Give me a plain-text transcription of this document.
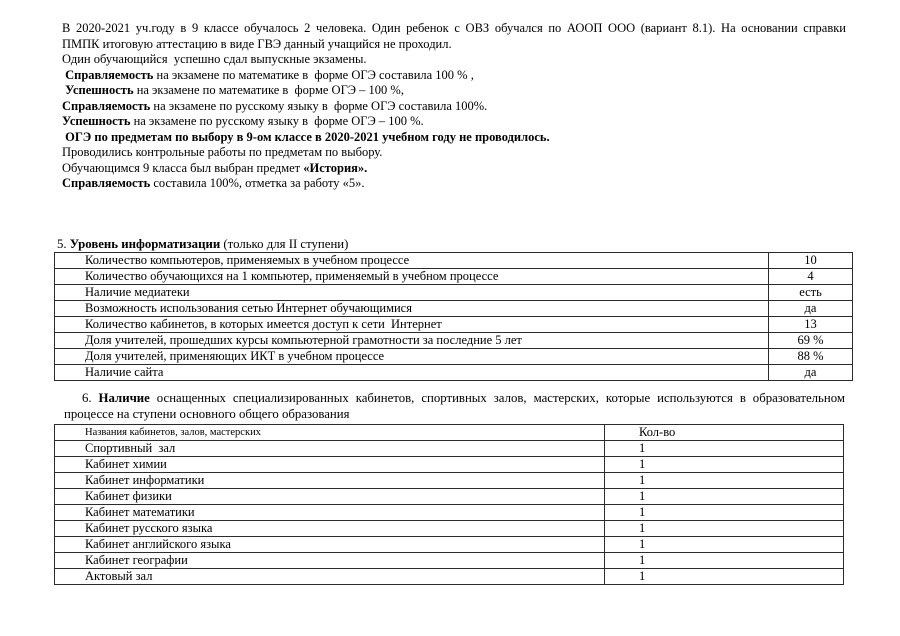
В 2020-2021 уч.году в 9 классе обучалось 2 человека. Один ребенок с ОВЗ обучался по АООП ООО (вариант 8.1). На основании справки
ПМПК итоговую аттестацию в виде ГВЭ данный учащийся не проходил.
Один обучающийся  успешно сдал выпускные экзамены.
Справляемость на экзамене по математике в  форме ОГЭ составила 100 % ,
Успешность на экзамене по математике в  форме ОГЭ – 100 %,
Справляемость на экзамене по русскому языку в  форме ОГЭ составила 100%.
Успешность на экзамене по русскому языку в  форме ОГЭ – 100 %.
ОГЭ по предметам по выбору в 9-ом классе в 2020-2021 учебном году не проводилось.
Проводились контрольные работы по предметам по выбору.
Обучающимся 9 класса был выбран предмет «История».
Справляемость составила 100%, отметка за работу «5».
5. Уровень информатизации (только для II ступени)
Количество компьютеров, применяемых в учебном процессе	10
Количество обучающихся на 1 компьютер, применяемый в учебном процессе	4
Наличие медиатеки	есть
Возможность использования сетью Интернет обучающимися	да
Количество кабинетов, в которых имеется доступ к сети  Интернет	13
Доля учителей, прошедших курсы компьютерной грамотности за последние 5 лет	69 %
Доля учителей, применяющих ИКТ в учебном процессе	88 %
Наличие сайта	да
6. Наличие оснащенных специализированных кабинетов, спортивных залов, мастерских, которые используются в образовательном
процессе на ступени основного общего образования
Названия кабинетов, залов, мастерских	Кол-во
Спортивный  зал	1
Кабинет химии	1
Кабинет информатики	1
Кабинет физики	1
Кабинет математики	1
Кабинет русского языка	1
Кабинет английского языка	1
Кабинет географии	1
Актовый зал	1
